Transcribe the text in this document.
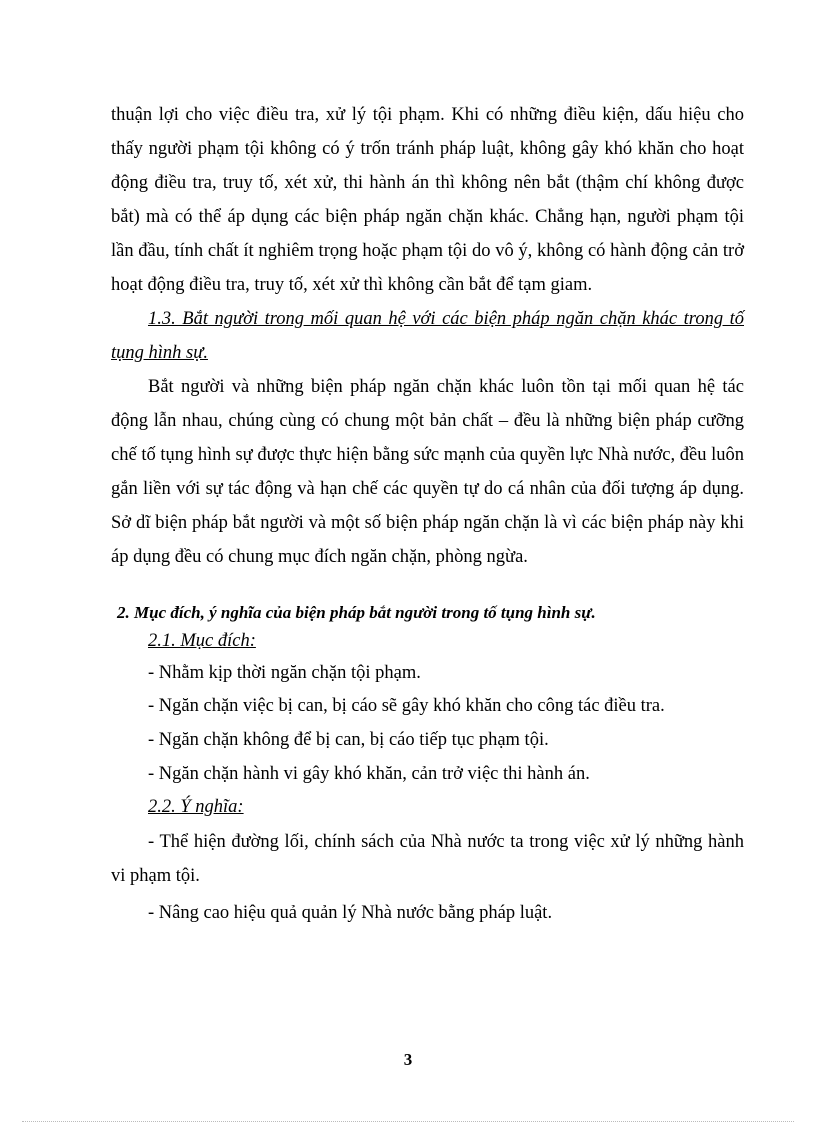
thuận lợi cho việc điều tra, xử lý tội phạm. Khi có những điều kiện, dấu hiệu cho thấy người phạm tội không có ý trốn tránh pháp luật, không gây khó khăn cho hoạt động điều tra, truy tố, xét xử, thi hành án thì không nên bắt (thậm chí không được bắt) mà có thể áp dụng các biện pháp ngăn chặn khác. Chẳng hạn, người phạm tội lần đầu, tính chất ít nghiêm trọng hoặc phạm tội do vô ý, không có hành động cản trở hoạt động điều tra, truy tố, xét xử thì không cần bắt để tạm giam.

1.3. Bắt người trong mối quan hệ với các biện pháp ngăn chặn khác trong tố tụng hình sự.

Bắt người và những biện pháp ngăn chặn khác luôn tồn tại mối quan hệ tác động lẫn nhau, chúng cùng có chung một bản chất – đều là những biện pháp cưỡng chế tố tụng hình sự được thực hiện bằng sức mạnh của quyền lực Nhà nước, đều luôn gắn liền với sự tác động và hạn chế các quyền tự do cá nhân của đối tượng áp dụng. Sở dĩ biện pháp bắt người và một số biện pháp ngăn chặn là vì các biện pháp này khi áp dụng đều có chung mục đích ngăn chặn, phòng ngừa.

2. Mục đích, ý nghĩa của biện pháp bắt người trong tố tụng hình sự.
2.1. Mục đích:
- Nhằm kịp thời ngăn chặn tội phạm.
- Ngăn chặn việc bị can, bị cáo sẽ gây khó khăn cho công tác điều tra.
- Ngăn chặn không để bị can, bị cáo tiếp tục phạm tội.
- Ngăn chặn hành vi gây khó khăn, cản trở việc thi hành án.
2.2. Ý nghĩa:

- Thể hiện đường lối, chính sách của Nhà nước ta trong việc xử lý những hành vi phạm tội.

- Nâng cao hiệu quả quản lý Nhà nước bằng pháp luật.
3
